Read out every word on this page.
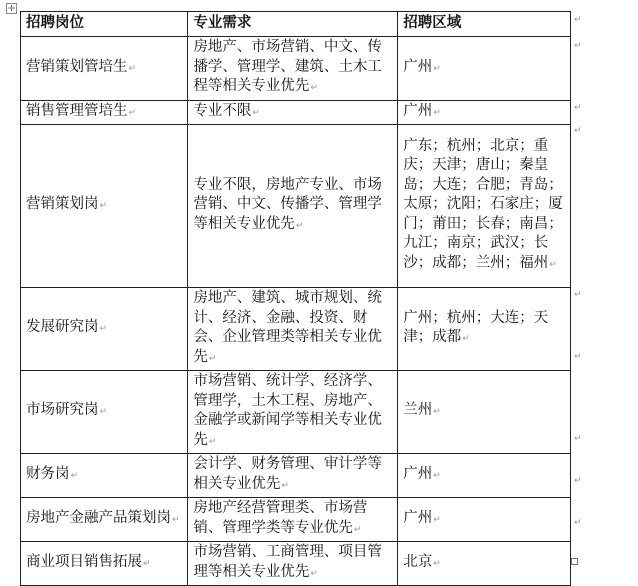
✛
招聘岗位	专业需求	招聘区域
营销策划管培生↵	房地产、市场营销、中文、传播学、管理学、建筑、土木工程等相关专业优先↵	广州↵
销售管理管培生↵	专业不限↵	广州↵
营销策划岗↵	专业不限，房地产专业、市场营销、中文、传播学、管理学等相关专业优先↵	广东；杭州；北京；重庆；天津；唐山；秦皇岛；大连；合肥；青岛；太原；沈阳；石家庄；厦门；莆田；长春；南昌；九江；南京；武汉；长沙；成都；兰州；福州↵
发展研究岗↵	房地产、建筑、城市规划、统计、经济、金融、投资、财会、企业管理类等相关专业优先↵	广州；杭州；大连；天津；成都↵
市场研究岗↵	市场营销、统计学、经济学、管理学，土木工程、房地产、金融学或新闻学等相关专业优先↵	兰州↵
财务岗↵	会计学、财务管理、审计学等相关专业优先↵	广州↵
房地产金融产品策划岗↵	房地产经营管理类、市场营销、管理学类等专业优先↵	广州↵
商业项目销售拓展↵	市场营销、工商管理、项目管理等相关专业优先↵	北京↵
↵
↵
↵
↵
↵
↵
↵
↵
↵
